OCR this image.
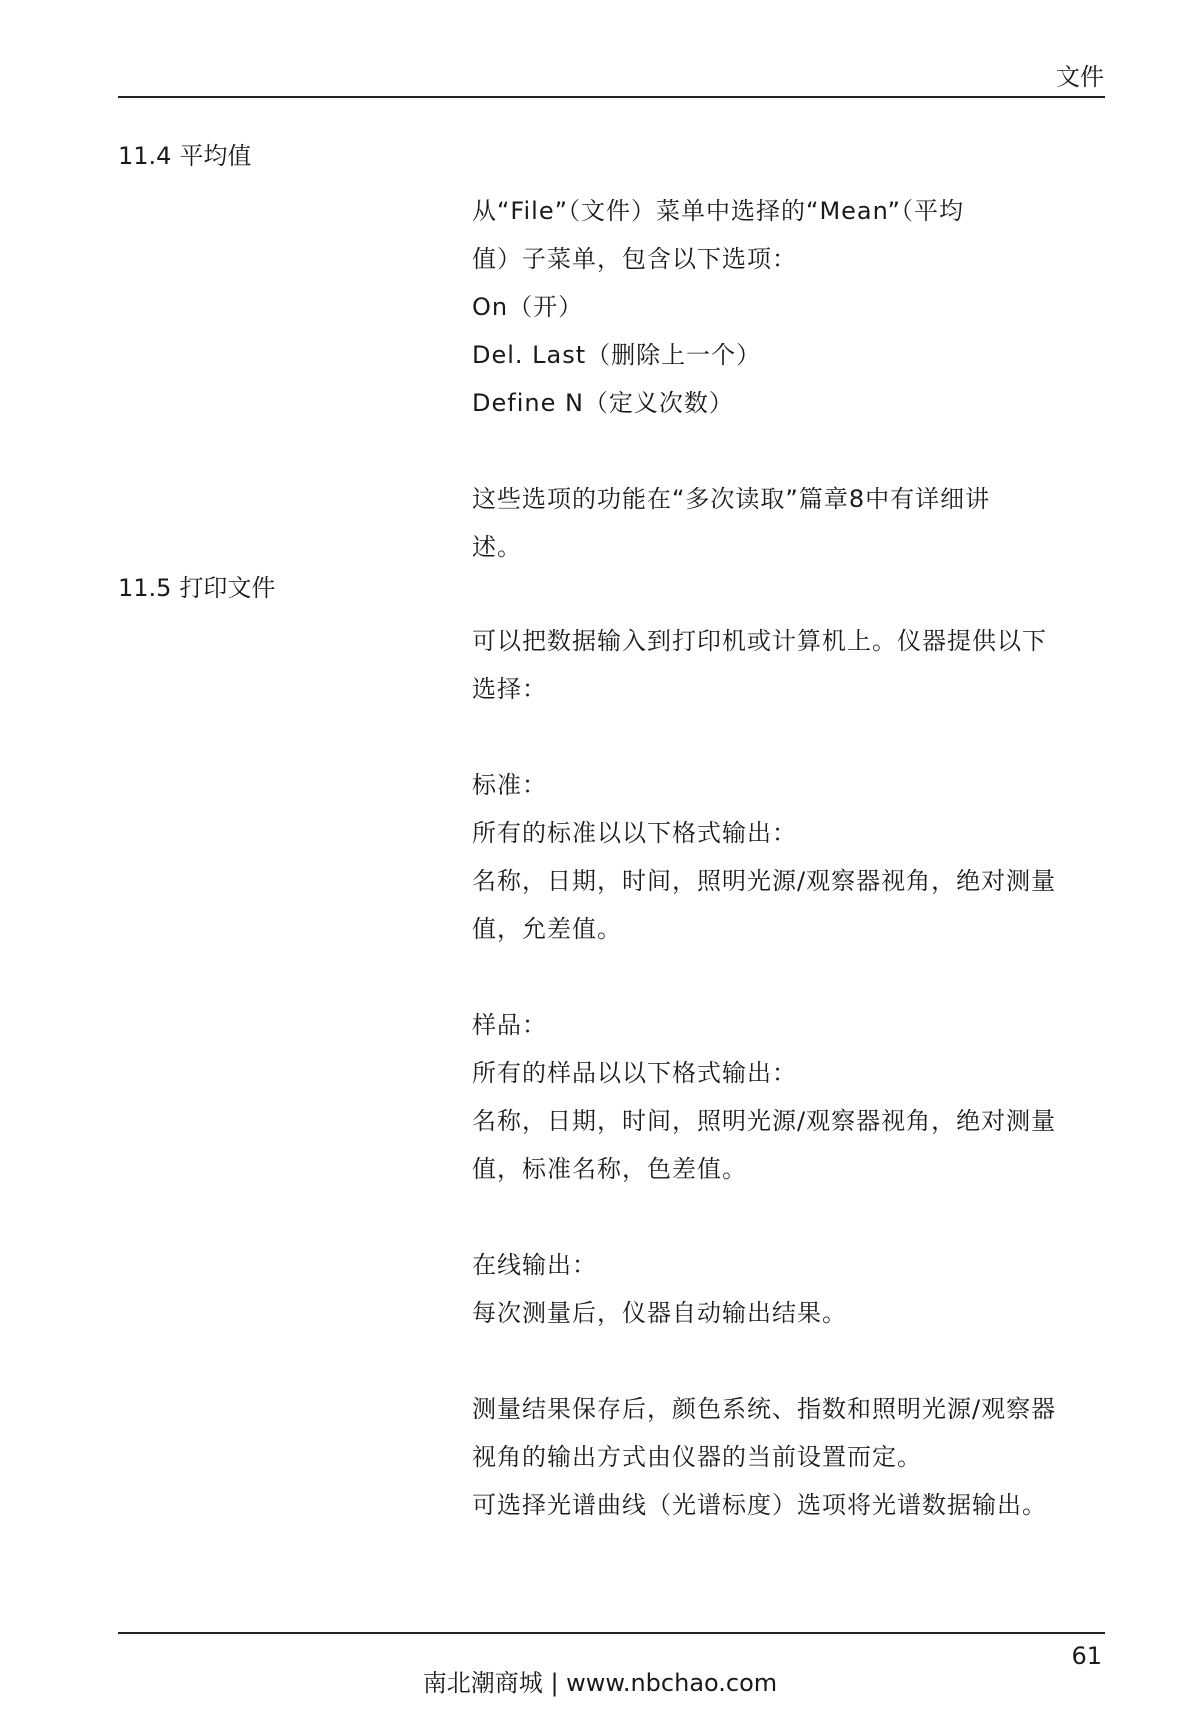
文件
11.4 平均值

从“File”（文件）菜单中选择的“Mean”（平均

值）子菜单，包含以下选项：

On（开）

Del. Last（删除上一个）

Define N（定义次数）

这些选项的功能在“多次读取”篇章8中有详细讲

述。

11.5 打印文件

可以把数据输入到打印机或计算机上。仪器提供以下

选择：

标准：

所有的标准以以下格式输出：

名称，日期，时间，照明光源/观察器视角，绝对测量

值，允差值。

样品：

所有的样品以以下格式输出：

名称，日期，时间，照明光源/观察器视角，绝对测量

值，标准名称，色差值。

在线输出：

每次测量后，仪器自动输出结果。

测量结果保存后，颜色系统、指数和照明光源/观察器

视角的输出方式由仪器的当前设置而定。

可选择光谱曲线（光谱标度）选项将光谱数据输出。

61
南北潮商城 | www.nbchao.com
